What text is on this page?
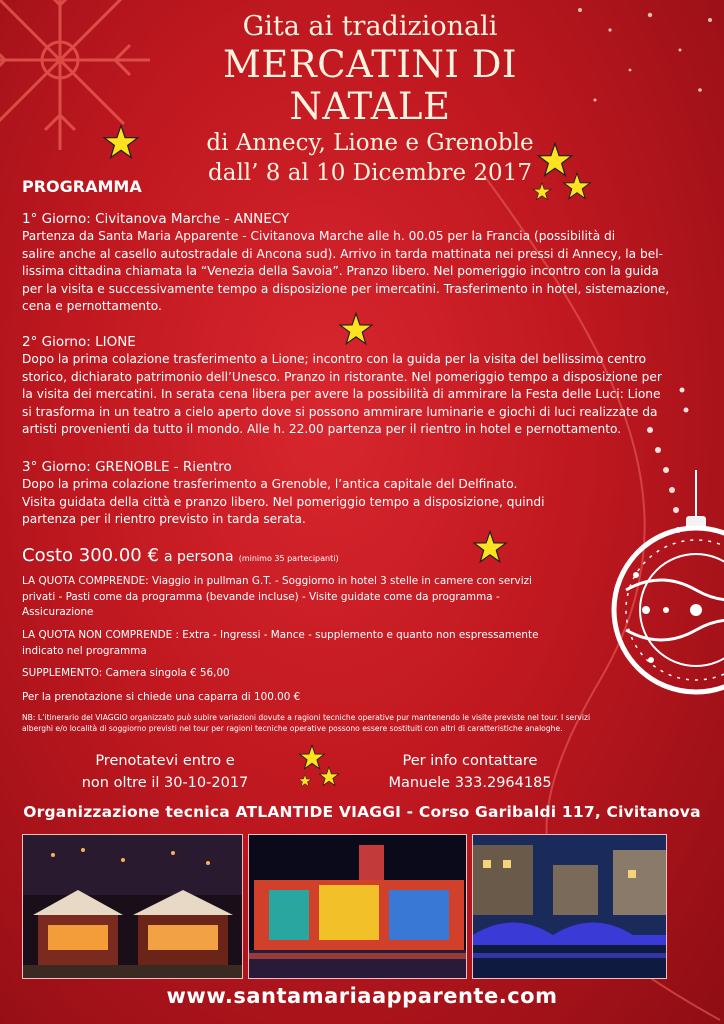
Gita ai tradizionali
MERCATINI DI NATALE
di Annecy, Lione e Grenoble
dall’ 8 al 10 Dicembre 2017
PROGRAMMA
1° Giorno: Civitanova Marche - ANNECY
Partenza da Santa Maria Apparente - Civitanova Marche alle h. 00.05 per la Francia (possibilità di
salire anche al casello autostradale di Ancona sud). Arrivo in tarda mattinata nei pressi di Annecy, la bel-
lissima cittadina chiamata la “Venezia della Savoia”. Pranzo libero. Nel pomeriggio incontro con la guida
per la visita e successivamente tempo a disposizione per imercatini. Trasferimento in hotel, sistemazione,
cena e pernottamento.
2° Giorno: LIONE
Dopo la prima colazione trasferimento a Lione; incontro con la guida per la visita del bellissimo centro
storico, dichiarato patrimonio dell’Unesco. Pranzo in ristorante. Nel pomeriggio tempo a disposizione per
la visita dei mercatini. In serata cena libera per avere la possibilità di ammirare la Festa delle Luci: Lione
si trasforma in un teatro a cielo aperto dove si possono ammirare luminarie e giochi di luci realizzate da
artisti provenienti da tutto il mondo. Alle h. 22.00 partenza per il rientro in hotel e pernottamento.
3° Giorno: GRENOBLE - Rientro
Dopo la prima colazione trasferimento a Grenoble, l’antica capitale del Delfinato.
Visita guidata della città e pranzo libero. Nel pomeriggio tempo a disposizione, quindi
partenza per il rientro previsto in tarda serata.
Costo 300.00 € a persona (minimo 35 partecipanti)
LA QUOTA COMPRENDE: Viaggio in pullman G.T. - Soggiorno in hotel 3 stelle in camere con servizi
privati - Pasti come da programma (bevande incluse) - Visite guidate come da programma -
Assicurazione
LA QUOTA NON COMPRENDE : Extra - Ingressi - Mance - supplemento e quanto non espressamente
indicato nel programma
SUPPLEMENTO: Camera singola € 56,00
Per la prenotazione si chiede una caparra di 100.00 €
NB: L’itinerario del VIAGGIO organizzato può subire variazioni dovute a ragioni tecniche operative pur mantenendo le visite previste nel tour. I servizi
alberghi e/o località di soggiorno previsti nel tour per ragioni tecniche operative possono essere sostituiti con altri di caratteristiche analoghe.
Prenotatevi entro e
non oltre il 30-10-2017
Per info contattare
Manuele 333.2964185
Organizzazione tecnica ATLANTIDE VIAGGI - Corso Garibaldi 117, Civitanova
www.santamariaapparente.com
